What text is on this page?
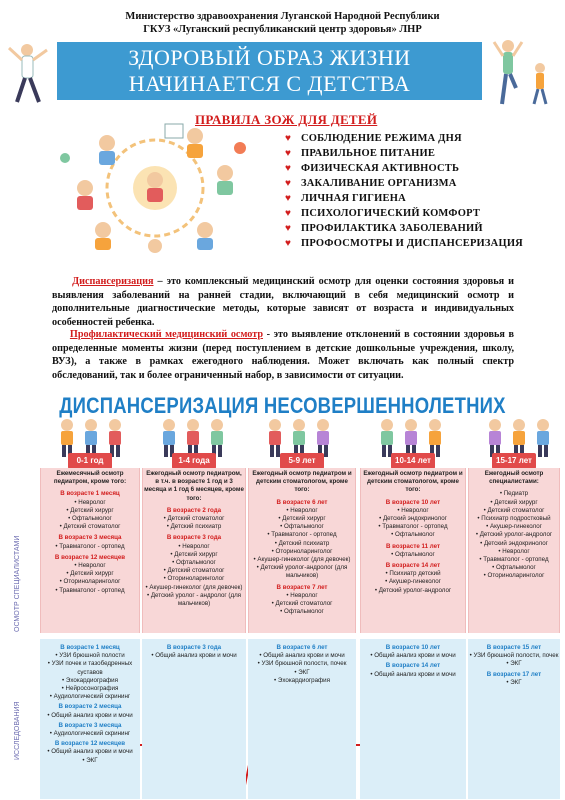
Министерство здравоохранения Луганской Народной Республики
ГКУЗ «Луганский республиканский центр здоровья» ЛНР
ЗДОРОВЫЙ ОБРАЗ ЖИЗНИ
НАЧИНАЕТСЯ С ДЕТСТВА
ПРАВИЛА ЗОЖ ДЛЯ ДЕТЕЙ
♥ СОБЛЮДЕНИЕ РЕЖИМА ДНЯ
♥ ПРАВИЛЬНОЕ ПИТАНИЕ
♥ ФИЗИЧЕСКАЯ АКТИВНОСТЬ
♥ ЗАКАЛИВАНИЕ ОРГАНИЗМА
♥ ЛИЧНАЯ ГИГИЕНА
♥ ПСИХОЛОГИЧЕСКИЙ КОМФОРТ
♥ ПРОФИЛАКТИКА ЗАБОЛЕВАНИЙ
♥ ПРОФОСМОТРЫ И ДИСПАНСЕРИЗАЦИЯ

Диспансеризация – это комплексный медицинский осмотр для оценки состояния здоровья и выявления заболеваний на ранней стадии, включающий в себя медицинский осмотр и дополнительные диагностические методы, которые зависят от возраста и индивидуальных особенностей ребенка.

Профилактический медицинский осмотр - это выявление отклонений в состоянии здоровья в определенные моменты жизни (перед поступлением в детские дошкольные учреждения, школу, ВУЗ), а также в рамках ежегодного наблюдения. Может включать как полный спектр обследований, так и более ограниченный набор, в зависимости от ситуации.

ДИСПАНСЕРИЗАЦИЯ НЕСОВЕРШЕННОЛЕТНИХ
ОСМОТР СПЕЦИАЛИСТАМИ
ИССЛЕДОВАНИЯ
0-1 год
Ежемесячный осмотр педиатром, кроме того:
В возрасте 1 месяц
• Невролог
• Детский хирург
• Офтальмолог
• Детский стоматолог
В возрасте 3 месяца
• Травматолог - ортопед
В возрасте 12 месяцев
• Невролог
• Детский хирург
• Оториноларинголог
• Травматолог - ортопед
В возрасте 1 месяц
• УЗИ брюшной полости
• УЗИ почек и тазобедренных суставов
• Эхокардиография
• Нейросонография
• Аудиологический скрининг
В возрасте 2 месяца
• Общий анализ крови и мочи
В возрасте 3 месяца
• Аудиологический скрининг
В возрасте 12 месяцев
• Общий анализ крови и мочи
• ЭКГ
1-4 года
Ежегодный осмотр педиатром, в т.ч. в возрасте 1 год и 3 месяца и 1 год 6 месяцев, кроме того:
В возрасте 2 года
• Детский стоматолог
• Детский психиатр
В возрасте 3 года
• Невролог
• Детский хирург
• Офтальмолог
• Детский стоматолог
• Оториноларинголог
• Акушер-гинеколог (для девочек)
• Детский уролог - андролог (для мальчиков)
В возрасте 3 года
• Общий анализ крови и мочи
5-9 лет
Ежегодный осмотр педиатром и детским стоматологом, кроме того:
В возрасте 6 лет
• Невролог
• Детский хирург
• Офтальмолог
• Травматолог - ортопед
• Детский психиатр
• Оториноларинголог
• Акушер-гинеколог (для девочек)
• Детский уролог-андролог (для мальчиков)
В возрасте 7 лет
• Невролог
• Детский стоматолог
• Офтальмолог
В возрасте 6 лет
• Общий анализ крови и мочи
• УЗИ брюшной полости, почек
• ЭКГ
• Эхокардиография
10-14 лет
Ежегодный осмотр педиатром и детским стоматологом, кроме того:
В возрасте 10 лет
• Невролог
• Детский эндокринолог
• Травматолог - ортопед
• Офтальмолог
В возрасте 11 лет
• Офтальмолог
В возрасте 14 лет
• Психиатр детский
• Акушер-гинеколог
• Детский уролог-андролог
В возрасте 10 лет
• Общий анализ крови и мочи
В возрасте 14 лет
• Общий анализ крови и мочи
15-17 лет
Ежегодный осмотр специалистами:
• Педиатр
• Детский хирург
• Детский стоматолог
• Психиатр подростковый
• Акушер-гинеколог
• Детский уролог-андролог
• Детский эндокринолог
• Невролог
• Травматолог - ортопед
• Офтальмолог
• Оториноларинголог
В возрасте 15 лет
• УЗИ брюшной полости, почек
• ЭКГ
В возрасте 17 лет
• ЭКГ
